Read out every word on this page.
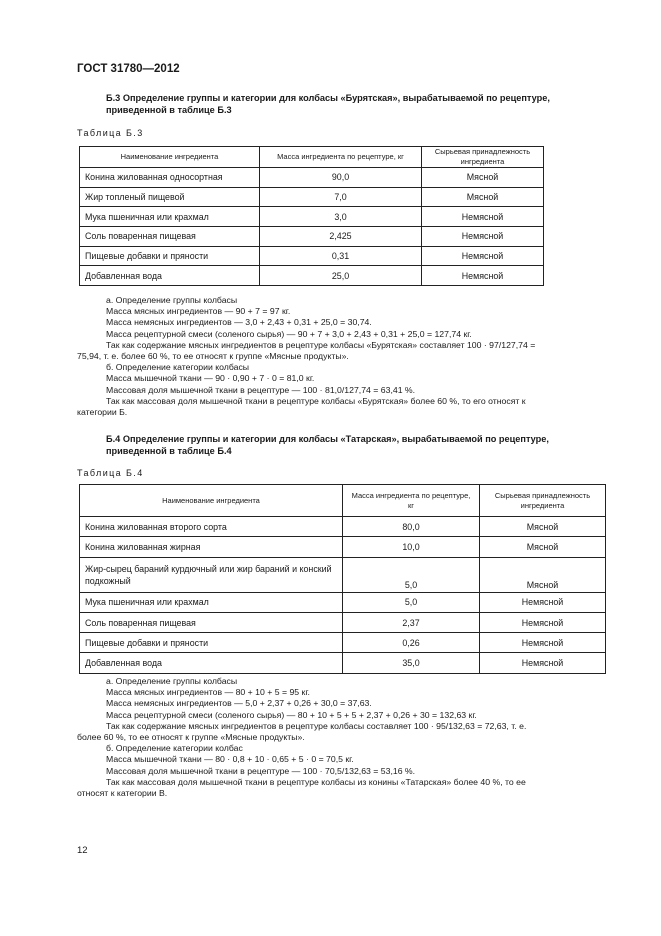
ГОСТ 31780—2012
Б.3 Определение группы и категории для колбасы «Бурятская», вырабатываемой по рецептуре, приведенной в таблице Б.3
Таблица Б.3
Наименование ингредиента	Масса ингредиента по рецептуре, кг	Сырьевая принадлежность ингредиента
Конина жилованная односортная	90,0	Мясной
Жир топленый пищевой	7,0	Мясной
Мука пшеничная или крахмал	3,0	Немясной
Соль поваренная пищевая	2,425	Немясной
Пищевые добавки и пряности	0,31	Немясной
Добавленная вода	25,0	Немясной

а. Определение группы колбасы

Масса мясных ингредиентов — 90 + 7 = 97 кг.

Масса немясных ингредиентов — 3,0 + 2,43 + 0,31 + 25,0 = 30,74.

Масса рецептурной смеси (соленого сырья) — 90 + 7 + 3,0 + 2,43 + 0,31 + 25,0 = 127,74 кг.

Так как содержание мясных ингредиентов в рецептуре колбасы «Бурятская» составляет 100 · 97/127,74 = 75,94, т. е. более 60 %, то ее относят к группе «Мясные продукты».

б. Определение категории колбасы

Масса мышечной ткани — 90 · 0,90 + 7 · 0 = 81,0 кг.

Массовая доля мышечной ткани в рецептуре — 100 · 81,0/127,74 = 63,41 %.

Так как массовая доля мышечной ткани в рецептуре колбасы «Бурятская» более 60 %, то его относят к категории Б.

Б.4 Определение группы и категории для колбасы «Татарская», вырабатываемой по рецептуре, приведенной в таблице Б.4
Таблица Б.4
Наименование ингредиента	Масса ингредиента по рецептуре, кг	Сырьевая принадлежность ингредиента
Конина жилованная второго сорта	80,0	Мясной
Конина жилованная жирная	10,0	Мясной
Жир-сырец бараний курдючный или жир бараний и конский подкожный	5,0	Мясной
Мука пшеничная или крахмал	5,0	Немясной
Соль поваренная пищевая	2,37	Немясной
Пищевые добавки и пряности	0,26	Немясной
Добавленная вода	35,0	Немясной

а. Определение группы колбасы

Масса мясных ингредиентов — 80 + 10 + 5 = 95 кг.

Масса немясных ингредиентов — 5,0 + 2,37 + 0,26 + 30,0 = 37,63.

Масса рецептурной смеси (соленого сырья) — 80 + 10 + 5 + 5 + 2,37 + 0,26 + 30 = 132,63 кг.

Так как содержание мясных ингредиентов в рецептуре колбасы составляет 100 · 95/132,63 = 72,63, т. е. более 60 %, то ее относят к группе «Мясные продукты».

б. Определение категории колбас

Масса мышечной ткани — 80 · 0,8 + 10 · 0,65 + 5 · 0 = 70,5 кг.

Массовая доля мышечной ткани в рецептуре — 100 · 70,5/132,63 = 53,16 %.

Так как массовая доля мышечной ткани в рецептуре колбасы из конины «Татарская» более 40 %, то ее относят к категории В.

12
